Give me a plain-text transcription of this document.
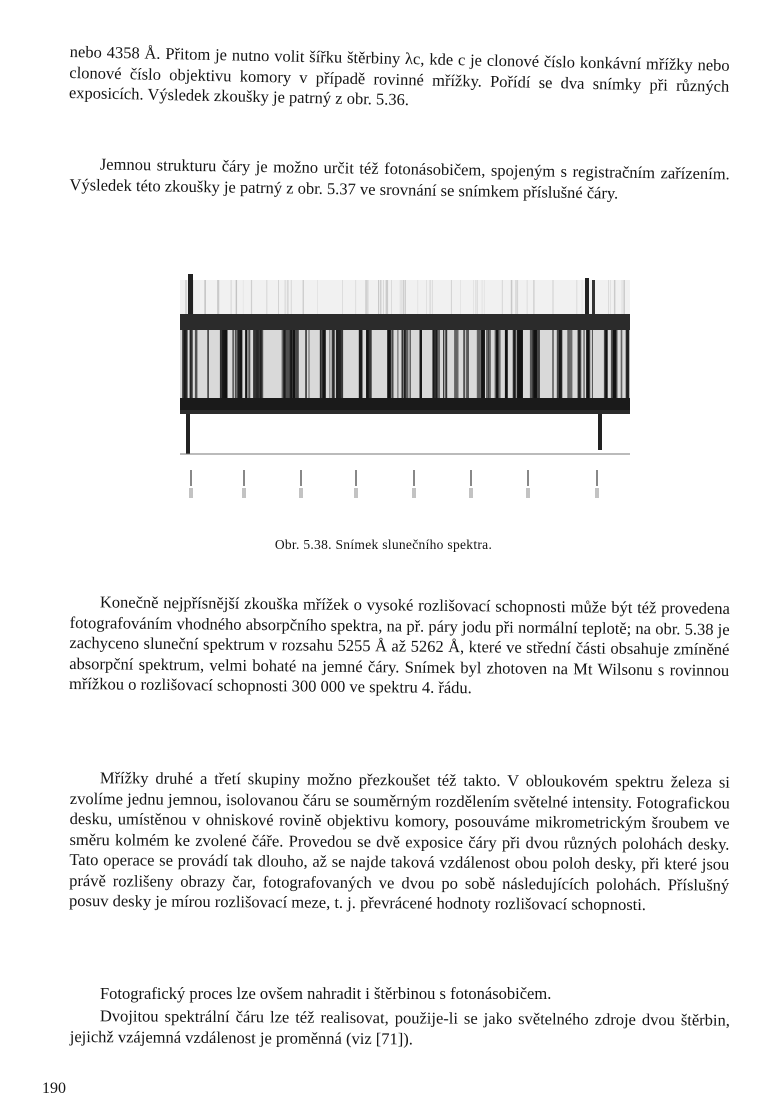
nebo 4358 Å. Přitom je nutno volit šířku štěrbiny λc, kde c je clonové číslo konkávní mřížky nebo clonové číslo objektivu komory v případě rovinné mřížky. Pořídí se dva snímky při různých exposicích. Výsledek zkoušky je patrný z obr. 5.36.

Jemnou strukturu čáry je možno určit též fotonásobičem, spojeným s registračním zařízením. Výsledek této zkoušky je patrný z obr. 5.37 ve srovnání se snímkem příslušné čáry.

Obr. 5.38. Snímek slunečního spektra.

Konečně nejpřísnější zkouška mřížek o vysoké rozlišovací schopnosti může být též provedena fotografováním vhodného absorpčního spektra, na př. páry jodu při normální teplotě; na obr. 5.38 je zachyceno sluneční spektrum v rozsahu 5255 Å až 5262 Å, které ve střední části obsahuje zmíněné absorpční spektrum, velmi bohaté na jemné čáry. Snímek byl zhotoven na Mt Wilsonu s rovinnou mřížkou o rozlišovací schopnosti 300 000 ve spektru 4. řádu.

Mřížky druhé a třetí skupiny možno přezkoušet též takto. V obloukovém spektru železa si zvolíme jednu jemnou, isolovanou čáru se souměrným rozdělením světelné intensity. Fotografickou desku, umístěnou v ohniskové rovině objektivu komory, posouváme mikrometrickým šroubem ve směru kolmém ke zvolené čáře. Provedou se dvě exposice čáry při dvou různých polohách desky. Tato operace se provádí tak dlouho, až se najde taková vzdálenost obou poloh desky, při které jsou právě rozlišeny obrazy čar, fotografovaných ve dvou po sobě následujících polohách. Příslušný posuv desky je mírou rozlišovací meze, t. j. převrácené hodnoty rozlišovací schopnosti.

Fotografický proces lze ovšem nahradit i štěrbinou s fotonásobičem.

Dvojitou spektrální čáru lze též realisovat, použije-li se jako světelného zdroje dvou štěrbin, jejichž vzájemná vzdálenost je proměnná (viz [71]).

190
